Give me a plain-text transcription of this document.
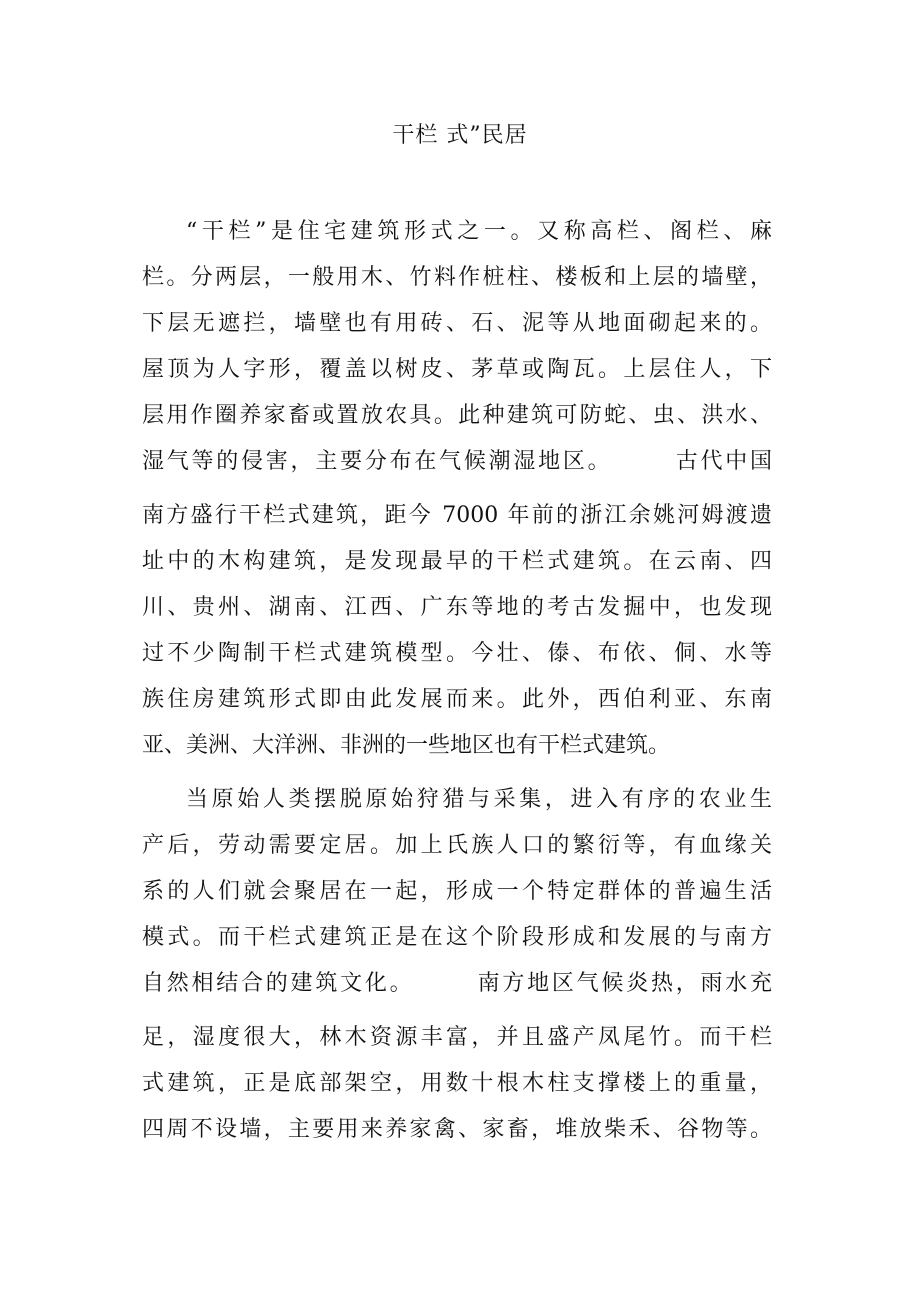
干栏 式”民居
“干栏”是住宅建筑形式之一。又称高栏、阁栏、麻
栏。分两层，一般用木、竹料作桩柱、楼板和上层的墙壁，
下层无遮拦，墙壁也有用砖、石、泥等从地面砌起来的。
屋顶为人字形，覆盖以树皮、茅草或陶瓦。上层住人，下
层用作圈养家畜或置放农具。此种建筑可防蛇、虫、洪水、
湿气等的侵害，主要分布在气候潮湿地区。　　　古代中国
南方盛行干栏式建筑，距今 7000 年前的浙江余姚河姆渡遗
址中的木构建筑，是发现最早的干栏式建筑。在云南、四
川、贵州、湖南、江西、广东等地的考古发掘中，也发现
过不少陶制干栏式建筑模型。今壮、傣、布依、侗、水等
族住房建筑形式即由此发展而来。此外，西伯利亚、东南
亚、美洲、大洋洲、非洲的一些地区也有干栏式建筑。
当原始人类摆脱原始狩猎与采集，进入有序的农业生
产后，劳动需要定居。加上氏族人口的繁衍等，有血缘关
系的人们就会聚居在一起，形成一个特定群体的普遍生活
模式。而干栏式建筑正是在这个阶段形成和发展的与南方
自然相结合的建筑文化。　　　南方地区气候炎热，雨水充
足，湿度很大，林木资源丰富，并且盛产凤尾竹。而干栏
式建筑，正是底部架空，用数十根木柱支撑楼上的重量，
四周不设墙，主要用来养家禽、家畜，堆放柴禾、谷物等。
